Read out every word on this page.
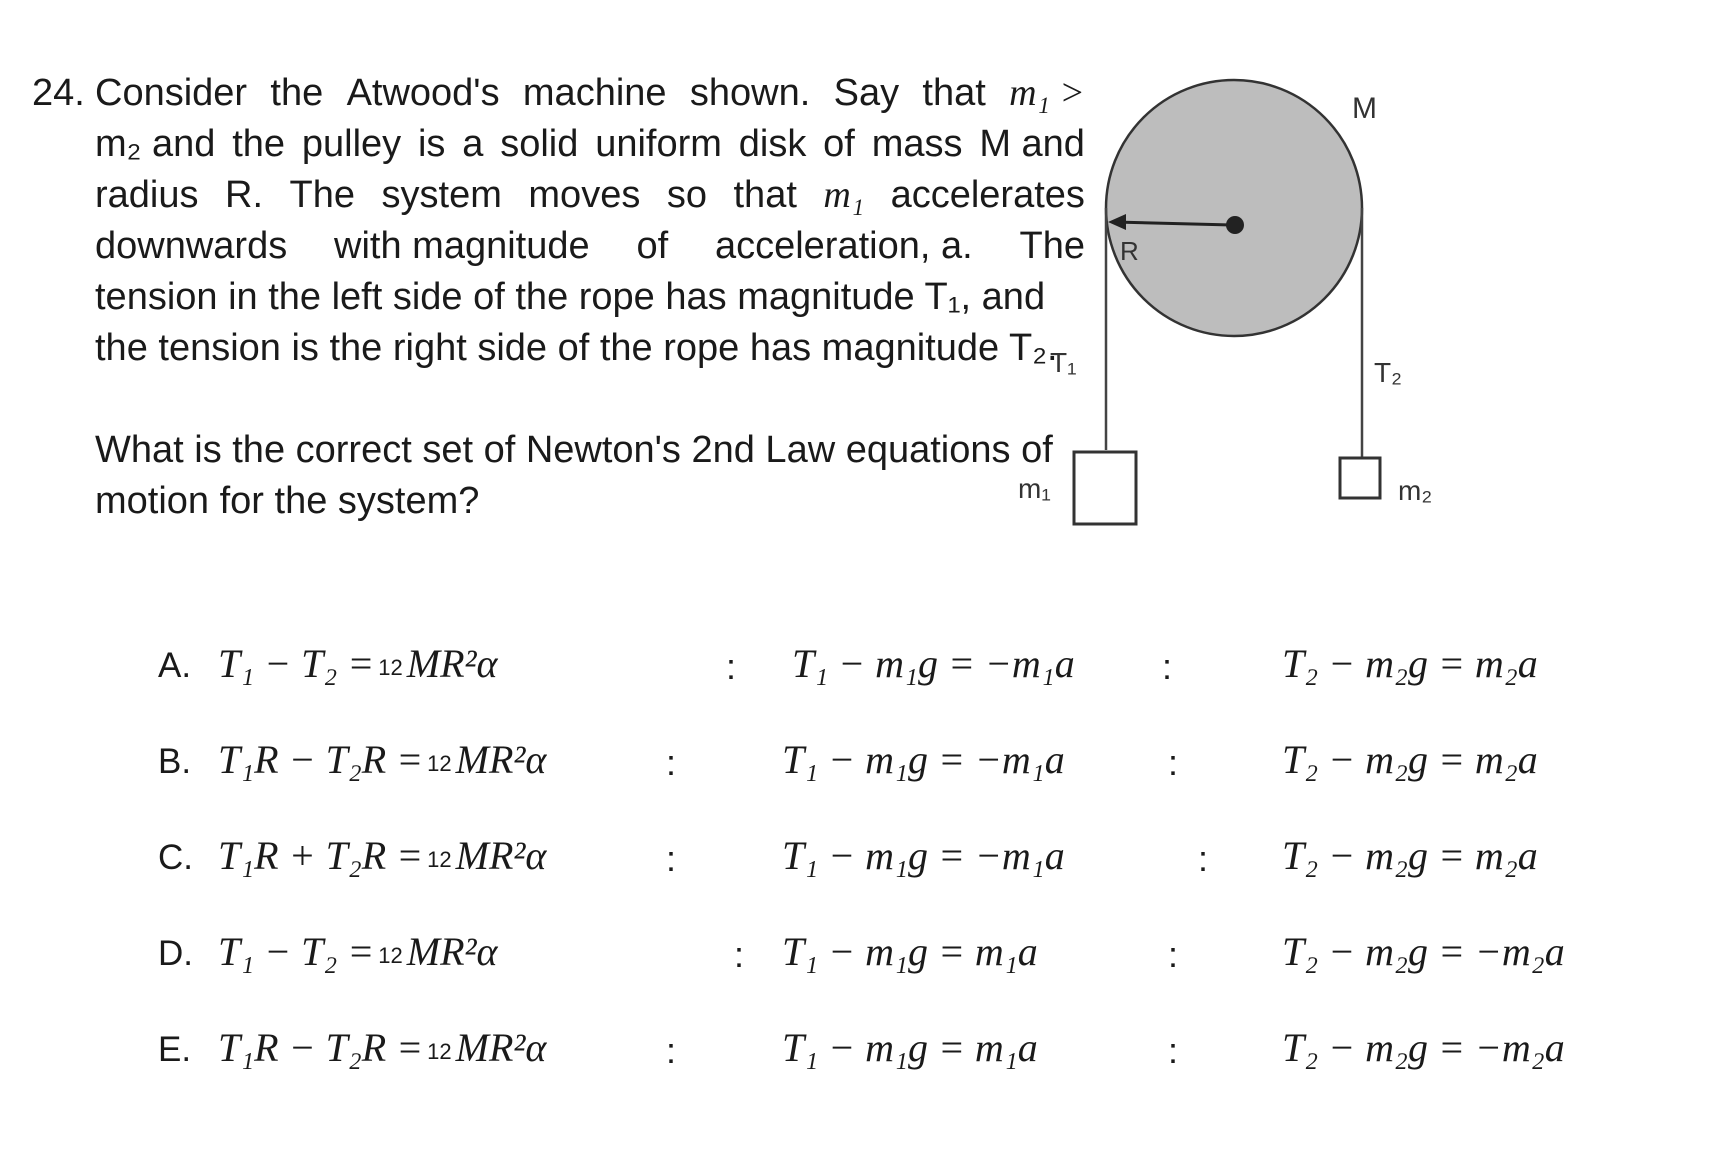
24. Consider the Atwood's machine shown. Say that m₁ >
m₂ and the pulley is a solid uniform disk of mass M and
radius R. The system moves so that m₁ accelerates
downwards with magnitude of acceleration, a. The
tension in the left side of the rope has magnitude T₁, and
the tension is the right side of the rope has magnitude T₂.
What is the correct set of Newton's 2nd Law equations of
motion for the system?
M
R
T₁	T₂
m₁	m₂
A. T₁ − T₂ = 12 MR²α	: T₁ − m₁g = −m₁a :	T₂ − m₂g = m₂a
B. T₁R − T₂R = 12 MR²α	:	T₁ − m₁g = −m₁a	:	T₂ − m₂g = m₂a
C. T₁R + T₂R = 12 MR²α	:	T₁ − m₁g = −m₁a	: T₂ − m₂g = m₂a
D. T₁ − T₂ = 12 MR²α	: T₁ − m₁g = m₁a	:	T₂ − m₂g = −m₂a
E. T₁R − T₂R = 12 MR²α	:	T₁ − m₁g = m₁a	:	T₂ − m₂g = −m₂a
